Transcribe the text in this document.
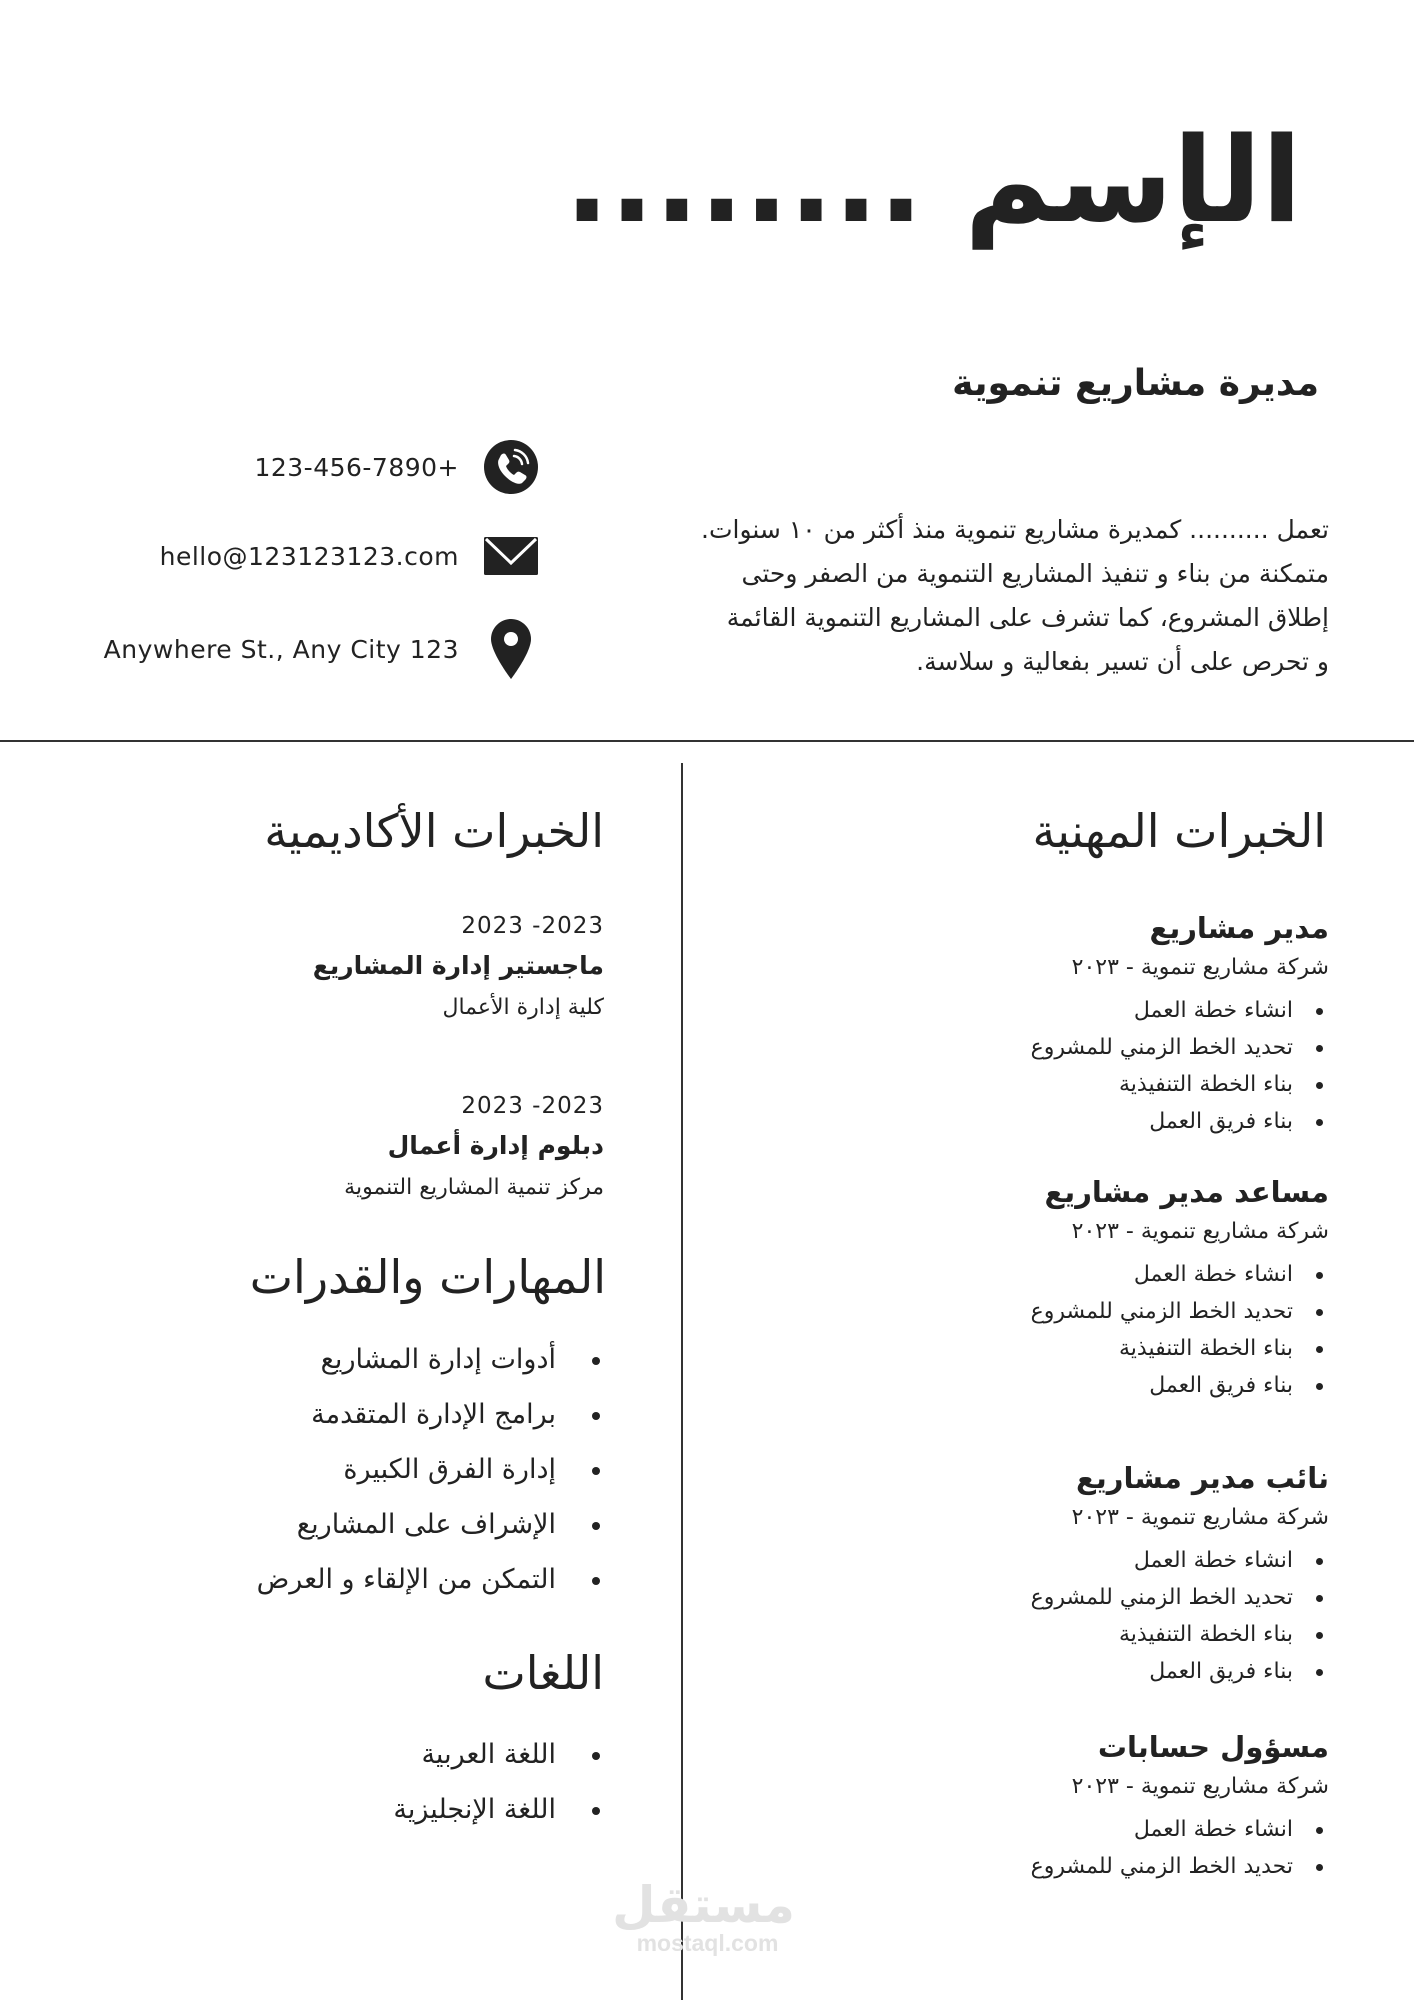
الإسم ........
مديرة مشاريع تنموية
123-456-7890+
hello@123123123.com
Anywhere St., Any City 123
تعمل .......... كمديرة مشاريع تنموية منذ أكثر من ١٠ سنوات.
متمكنة من بناء و تنفيذ المشاريع التنموية من الصفر وحتى
إطلاق المشروع، كما تشرف على المشاريع التنموية القائمة
و تحرص على أن تسير بفعالية و سلاسة.
الخبرات المهنية
مدير مشاريع
شركة مشاريع تنموية - ٢٠٢٣
انشاء خطة العمل
تحديد الخط الزمني للمشروع
بناء الخطة التنفيذية
بناء فريق العمل
مساعد مدير مشاريع
شركة مشاريع تنموية - ٢٠٢٣
انشاء خطة العمل
تحديد الخط الزمني للمشروع
بناء الخطة التنفيذية
بناء فريق العمل
نائب مدير مشاريع
شركة مشاريع تنموية - ٢٠٢٣
انشاء خطة العمل
تحديد الخط الزمني للمشروع
بناء الخطة التنفيذية
بناء فريق العمل
مسؤول حسابات
شركة مشاريع تنموية - ٢٠٢٣
انشاء خطة العمل
تحديد الخط الزمني للمشروع
الخبرات الأكاديمية
2023 -2023
ماجستير إدارة المشاريع
كلية إدارة الأعمال
2023 -2023
دبلوم إدارة أعمال
مركز تنمية المشاريع التنموية
المهارات والقدرات
أدوات إدارة المشاريع
برامج الإدارة المتقدمة
إدارة الفرق الكبيرة
الإشراف على المشاريع
التمكن من الإلقاء و العرض
اللغات
اللغة العربية
اللغة الإنجليزية
مستقل
mostaql.com
